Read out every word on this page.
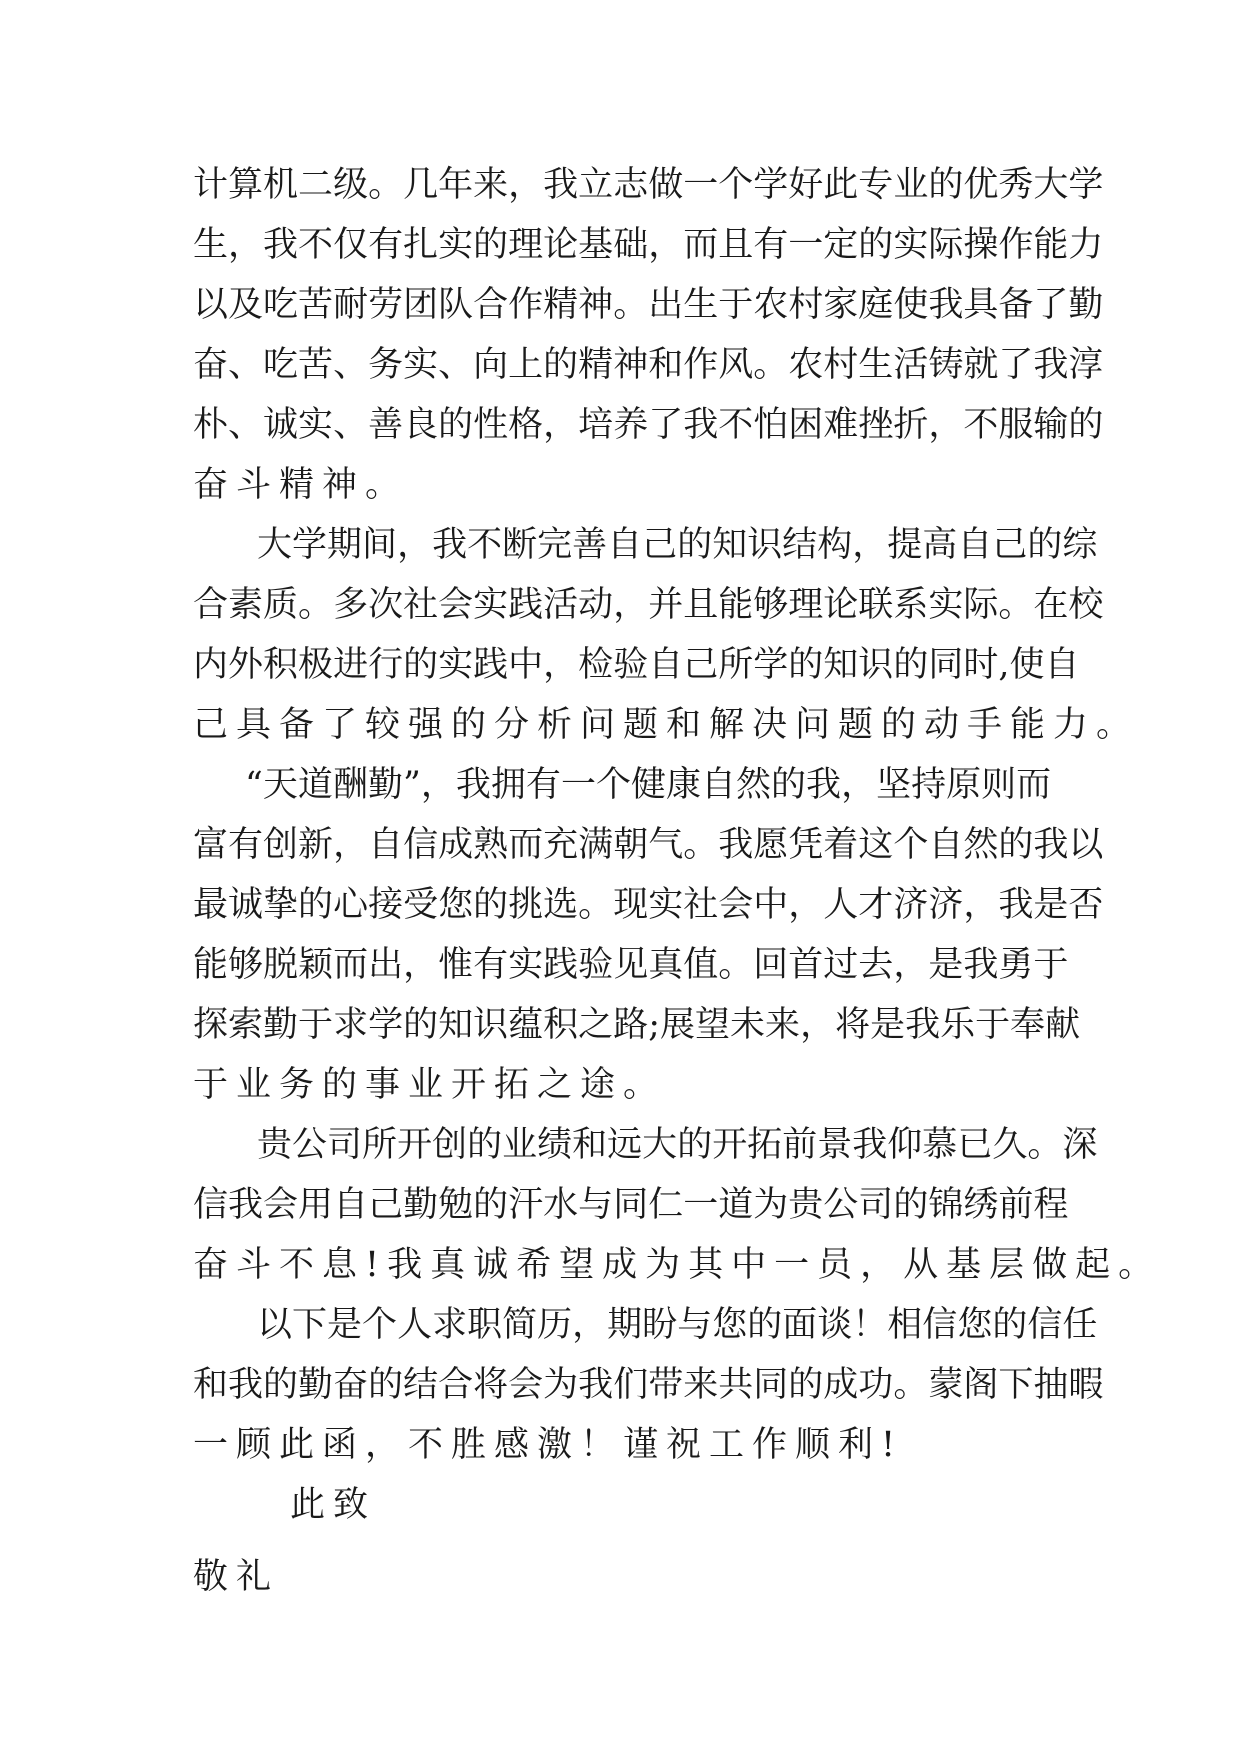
计 算 机 二 级 。 几 年 来 ， 我 立 志 做 一 个 学 好 此 专 业 的 优 秀 大 学
生 ， 我 不 仅 有 扎 实 的 理 论 基 础 ， 而 且 有 一 定 的 实 际 操 作 能 力
以 及 吃 苦 耐 劳 团 队 合 作 精 神 。 出 生 于 农 村 家 庭 使 我 具 备 了 勤
奋 、 吃 苦 、 务 实 、 向 上 的 精 神 和 作 风 。 农 村 生 活 铸 就 了 我 淳
朴 、 诚 实 、 善 良 的 性 格 ， 培 养 了 我 不 怕 困 难 挫 折 ， 不 服 输 的
奋斗精神。
大 学 期 间 ， 我 不 断 完 善 自 己 的 知 识 结 构 ， 提 高 自 己 的 综
合 素 质 。 多 次 社 会 实 践 活 动 ， 并 且 能 够 理 论 联 系 实 际 。 在 校
内 外 积 极 进 行 的 实 践 中 ， 检 验 自 己 所 学 的 知 识 的 同 时 , 使 自
己具备了较强的分析问题和解决问题的动手能力。
“ 天 道 酬 勤 ” ， 我 拥 有 一 个 健 康 自 然 的 我 ， 坚 持 原 则 而
富 有 创 新 ， 自 信 成 熟 而 充 满 朝 气 。 我 愿 凭 着 这 个 自 然 的 我 以
最 诚 挚 的 心 接 受 您 的 挑 选 。 现 实 社 会 中 ， 人 才 济 济 ， 我 是 否
能 够 脱 颖 而 出 ， 惟 有 实 践 验 见 真 值 。 回 首 过 去 ， 是 我 勇 于
探 索 勤 于 求 学 的 知 识 蕴 积 之 路 ; 展 望 未 来 ， 将 是 我 乐 于 奉 献
于业务的事业开拓之途。
贵 公 司 所 开 创 的 业 绩 和 远 大 的 开 拓 前 景 我 仰 慕 已 久 。 深
信 我 会 用 自 己 勤 勉 的 汗 水 与 同 仁 一 道 为 贵 公 司 的 锦 绣 前 程
奋斗不息!我真诚希望成为其中一员，从基层做起。
以 下 是 个 人 求 职 简 历 ， 期 盼 与 您 的 面 谈 ！ 相 信 您 的 信 任
和 我 的 勤 奋 的 结 合 将 会 为 我 们 带 来 共 同 的 成 功 。 蒙 阁 下 抽 暇
一顾此函，不胜感激！谨祝工作顺利!
此致
敬礼
